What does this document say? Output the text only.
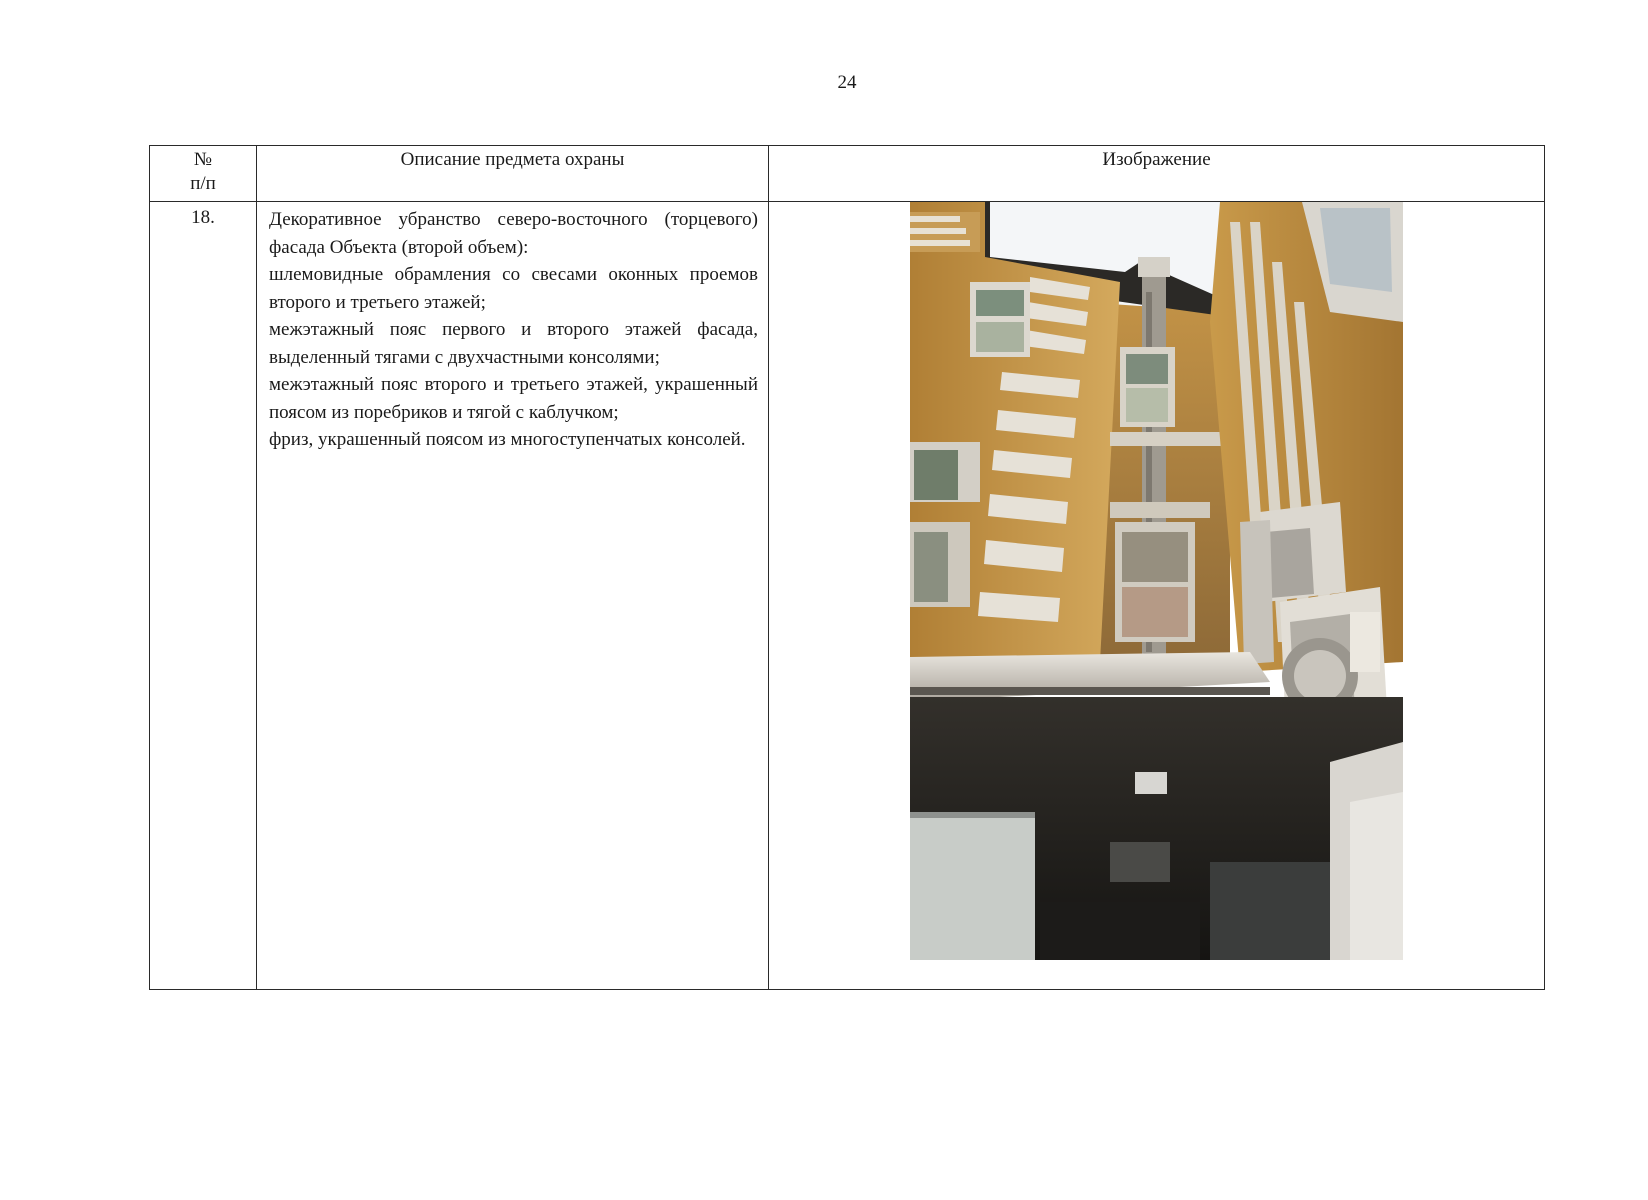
24
№
п/п	Описание предмета охраны	Изображение
18.	Декоративное убранство северо-восточного (торцевого) фасада Объекта (второй объем):

шлемовидные обрамления со свесами оконных проемов второго и третьего этажей;

межэтажный пояс первого и второго этажей фасада, выделенный тягами с двухчастными консолями;

межэтажный пояс второго и третьего этажей, украшенный поясом из поребриков и тягой с каблучком;

фриз, украшенный поясом из многоступенчатых консолей.
